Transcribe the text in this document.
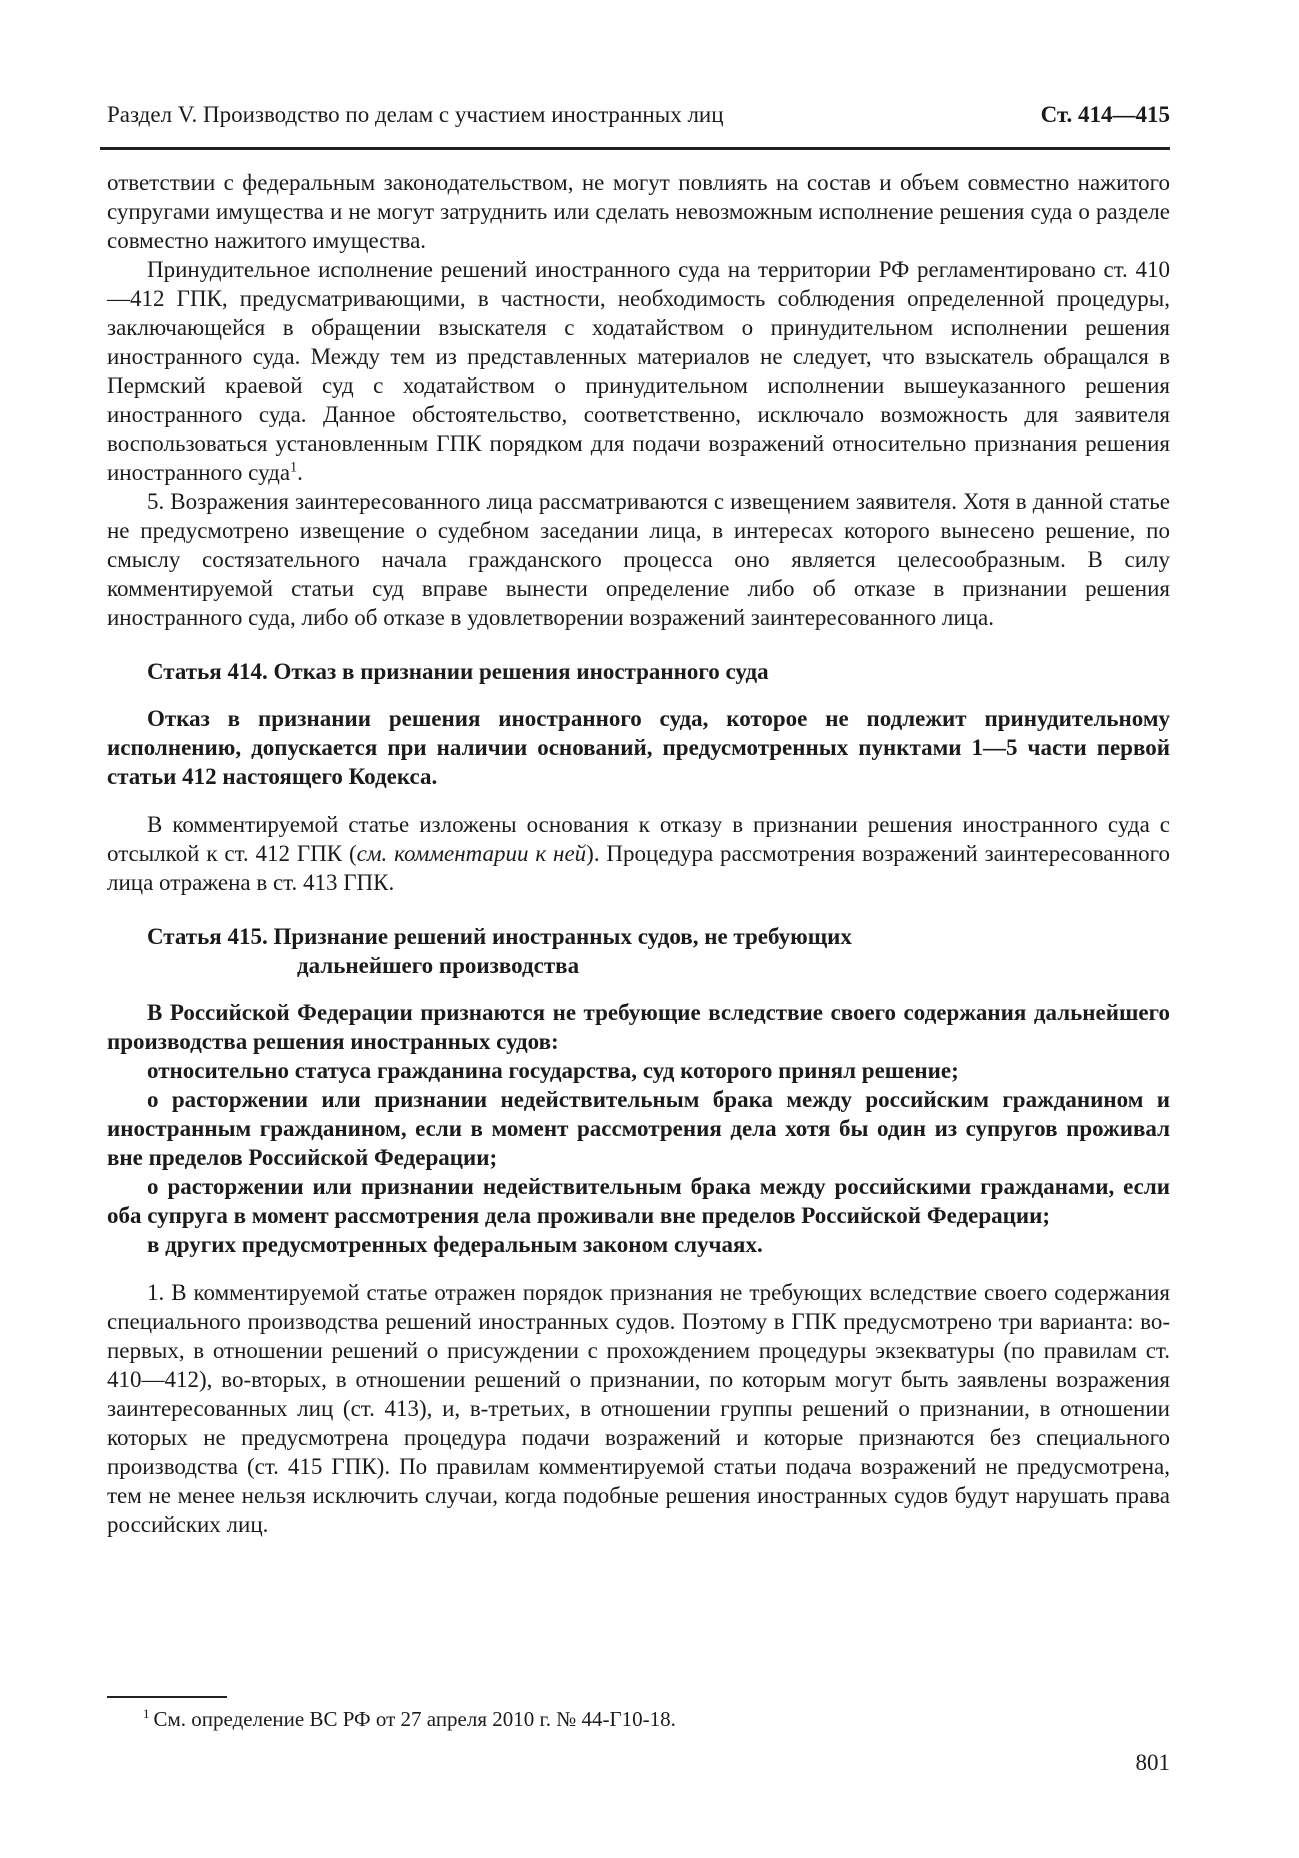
Раздел V. Производство по делам с участием иностранных лиц	Ст. 414—415

ответствии с федеральным законодательством, не могут повлиять на состав и объем совместно нажитого супругами имущества и не могут затруднить или сделать невозможным исполнение решения суда о разделе совместно нажитого имущества.

Принудительное исполнение решений иностранного суда на территории РФ регламентировано ст. 410—412 ГПК, предусматривающими, в частности, необходимость соблюдения определенной процедуры, заключающейся в обращении взыскателя с ходатайством о принудительном исполнении решения иностранного суда. Между тем из представленных материалов не следует, что взыскатель обращался в Пермский краевой суд с ходатайством о принудительном исполнении вышеуказанного решения иностранного суда. Данное обстоятельство, соответственно, исключало возможность для заявителя воспользоваться установленным ГПК порядком для подачи возражений относительно признания решения иностранного суда$^1$.

5. Возражения заинтересованного лица рассматриваются с извещением заявителя. Хотя в данной статье не предусмотрено извещение о судебном заседании лица, в интересах которого вынесено решение, по смыслу состязательного начала гражданского процесса оно является целесообразным. В силу комментируемой статьи суд вправе вынести определение либо об отказе в признании решения иностранного суда, либо об отказе в удовлетворении возражений заинтересованного лица.

Статья 414. Отказ в признании решения иностранного суда

Отказ в признании решения иностранного суда, которое не подлежит принудительному исполнению, допускается при наличии оснований, предусмотренных пунктами 1—5 части первой статьи 412 настоящего Кодекса.

В комментируемой статье изложены основания к отказу в признании решения иностранного суда с отсылкой к ст. 412 ГПК (см. комментарии к ней). Процедура рассмотрения возражений заинтересованного лица отражена в ст. 413 ГПК.

Статья 415. Признание решений иностранных судов, не требующих
дальнейшего производства

В Российской Федерации признаются не требующие вследствие своего содержания дальнейшего производства решения иностранных судов:

относительно статуса гражданина государства, суд которого принял решение;

о расторжении или признании недействительным брака между российским гражданином и иностранным гражданином, если в момент рассмотрения дела хотя бы один из супругов проживал вне пределов Российской Федерации;

о расторжении или признании недействительным брака между российскими гражданами, если оба супруга в момент рассмотрения дела проживали вне пределов Российской Федерации;

в других предусмотренных федеральным законом случаях.

1. В комментируемой статье отражен порядок признания не требующих вследствие своего содержания специального производства решений иностранных судов. Поэтому в ГПК предусмотрено три варианта: во-первых, в отношении решений о присуждении с прохождением процедуры экзекватуры (по правилам ст. 410—412), во-вторых, в отношении решений о признании, по которым могут быть заявлены возражения заинтересованных лиц (ст. 413), и, в-третьих, в отношении группы решений о признании, в отношении которых не предусмотрена процедура подачи возражений и которые признаются без специального производства (ст. 415 ГПК). По правилам комментируемой статьи подача возражений не предусмотрена, тем не менее нельзя исключить случаи, когда подобные решения иностранных судов будут нарушать права российских лиц.

$^1$ См. определение ВС РФ от 27 апреля 2010 г. № 44-Г10-18.
801
